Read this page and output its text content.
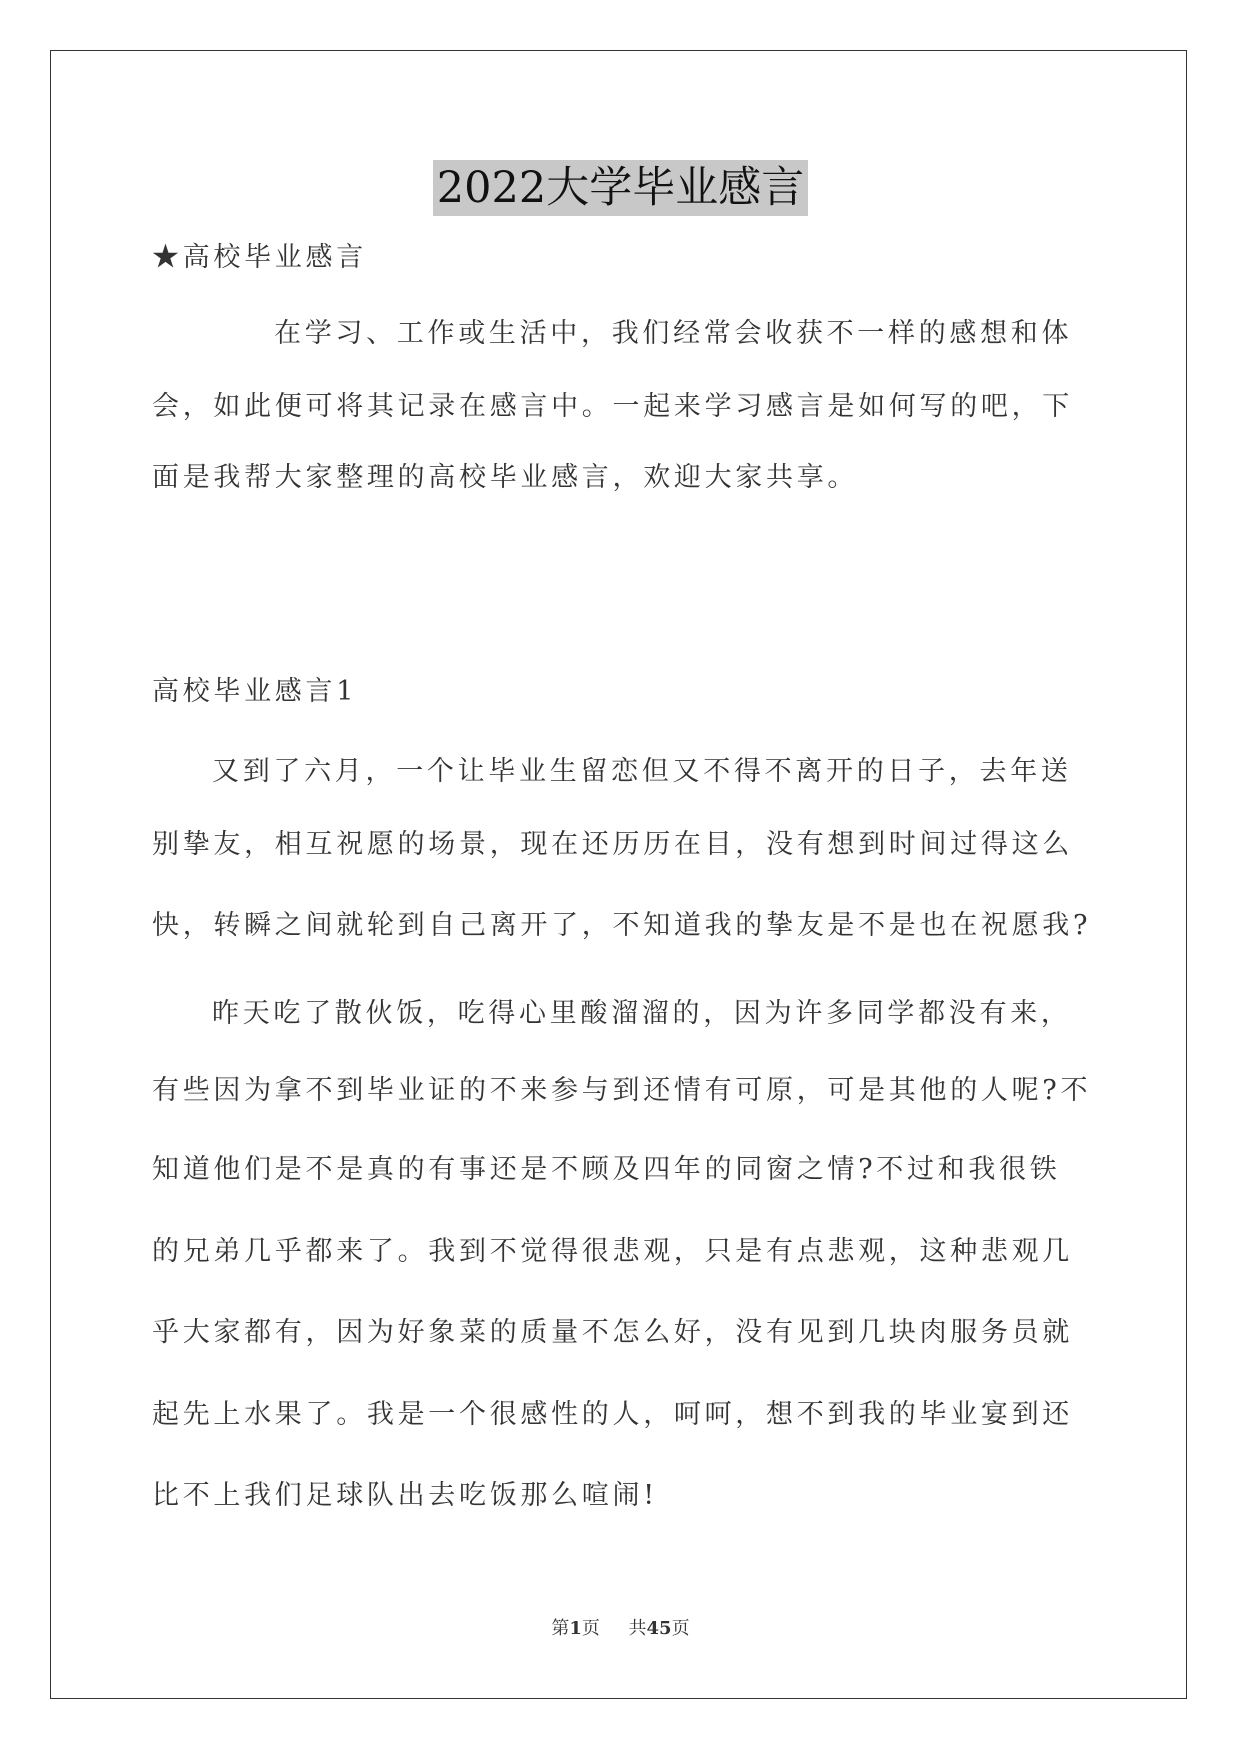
2022大学毕业感言
★高校毕业感言
在学习、工作或生活中，我们经常会收获不一样的感想和体
会，如此便可将其记录在感言中。一起来学习感言是如何写的吧，下
面是我帮大家整理的高校毕业感言，欢迎大家共享。
高校毕业感言1
又到了六月，一个让毕业生留恋但又不得不离开的日子，去年送
别挚友，相互祝愿的场景，现在还历历在目，没有想到时间过得这么
快，转瞬之间就轮到自己离开了，不知道我的挚友是不是也在祝愿我?
昨天吃了散伙饭，吃得心里酸溜溜的，因为许多同学都没有来，
有些因为拿不到毕业证的不来参与到还情有可原，可是其他的人呢?不
知道他们是不是真的有事还是不顾及四年的同窗之情?不过和我很铁
的兄弟几乎都来了。我到不觉得很悲观，只是有点悲观，这种悲观几
乎大家都有，因为好象菜的质量不怎么好，没有见到几块肉服务员就
起先上水果了。我是一个很感性的人，呵呵，想不到我的毕业宴到还
比不上我们足球队出去吃饭那么喧闹!
第1页 共45页
